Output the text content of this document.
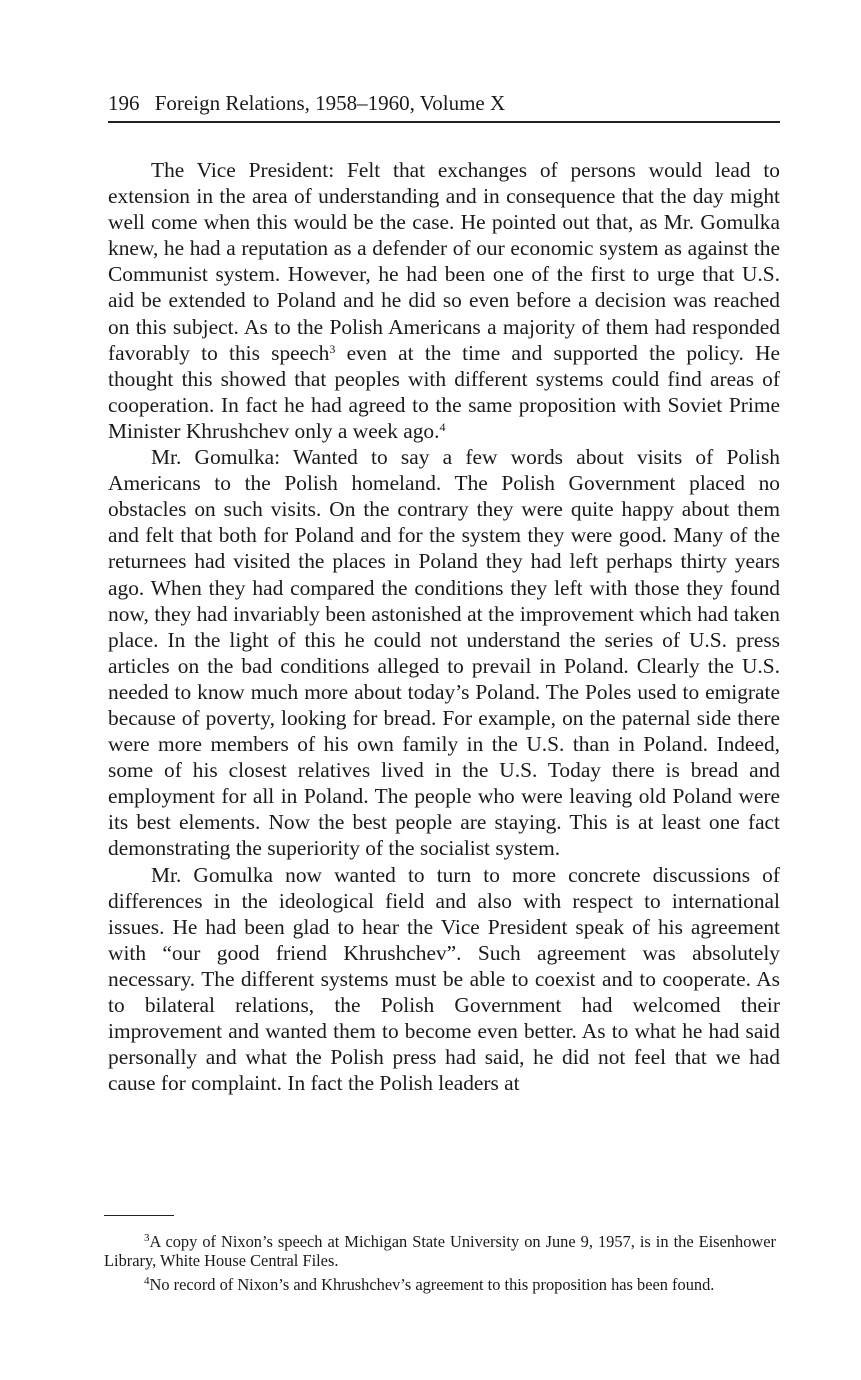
196 Foreign Relations, 1958–1960, Volume X

The Vice President: Felt that exchanges of persons would lead to extension in the area of understanding and in consequence that the day might well come when this would be the case. He pointed out that, as Mr. Gomulka knew, he had a reputation as a defender of our economic system as against the Communist system. However, he had been one of the first to urge that U.S. aid be extended to Poland and he did so even before a decision was reached on this subject. As to the Polish Americans a majority of them had responded favorably to this speech$^3$ even at the time and supported the policy. He thought this showed that peoples with different systems could find areas of cooperation. In fact he had agreed to the same proposition with Soviet Prime Minister Khrushchev only a week ago.$^4$

Mr. Gomulka: Wanted to say a few words about visits of Polish Americans to the Polish homeland. The Polish Government placed no obstacles on such visits. On the contrary they were quite happy about them and felt that both for Poland and for the system they were good. Many of the returnees had visited the places in Poland they had left perhaps thirty years ago. When they had compared the conditions they left with those they found now, they had invariably been astonished at the improvement which had taken place. In the light of this he could not understand the series of U.S. press articles on the bad conditions alleged to prevail in Poland. Clearly the U.S. needed to know much more about today’s Poland. The Poles used to emigrate because of poverty, looking for bread. For example, on the paternal side there were more members of his own family in the U.S. than in Poland. Indeed, some of his closest relatives lived in the U.S. Today there is bread and employment for all in Poland. The people who were leaving old Poland were its best elements. Now the best people are staying. This is at least one fact demonstrating the superiority of the socialist system.

Mr. Gomulka now wanted to turn to more concrete discussions of differences in the ideological field and also with respect to international issues. He had been glad to hear the Vice President speak of his agreement with “our good friend Khrushchev”. Such agreement was absolutely necessary. The different systems must be able to coexist and to cooperate. As to bilateral relations, the Polish Government had welcomed their improvement and wanted them to become even better. As to what he had said personally and what the Polish press had said, he did not feel that we had cause for complaint. In fact the Polish leaders at

$^3$A copy of Nixon’s speech at Michigan State University on June 9, 1957, is in the Eisenhower Library, White House Central Files.

$^4$No record of Nixon’s and Khrushchev’s agreement to this proposition has been found.
